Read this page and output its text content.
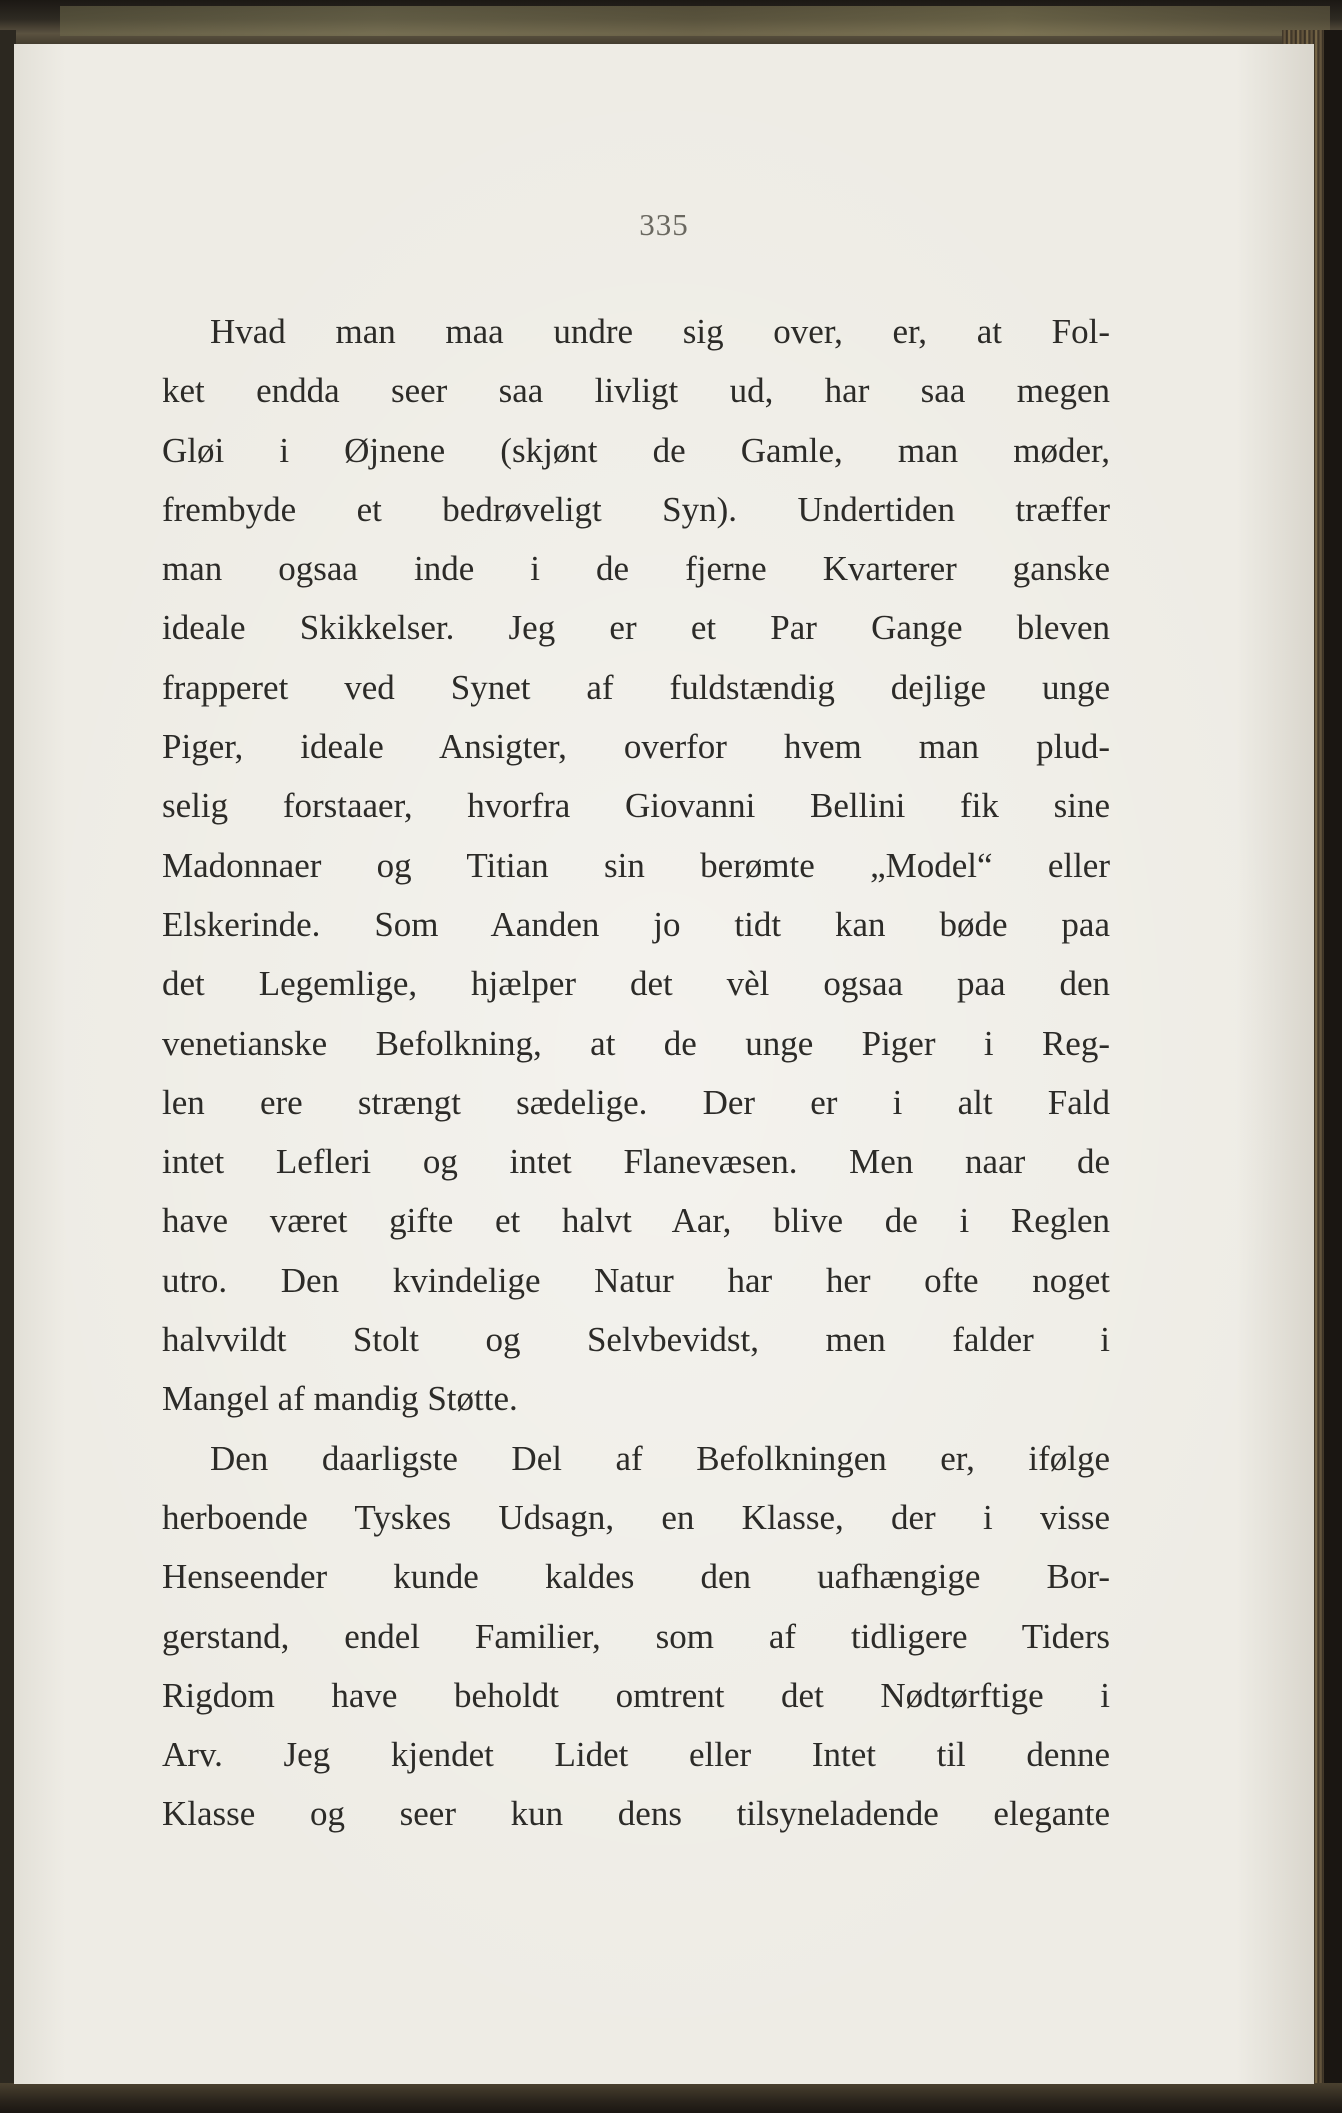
335
Hvad man maa undre sig over, er, at Fol-
ket endda seer saa livligt ud, har saa megen
Gløi i Øjnene (skjønt de Gamle, man møder,
frembyde et bedrøveligt Syn). Undertiden træffer
man ogsaa inde i de fjerne Kvarterer ganske
ideale Skikkelser. Jeg er et Par Gange bleven
frapperet ved Synet af fuldstændig dejlige unge
Piger, ideale Ansigter, overfor hvem man plud-
selig forstaaer, hvorfra Giovanni Bellini fik sine
Madonnaer og Titian sin berømte „Model“ eller
Elskerinde. Som Aanden jo tidt kan bøde paa
det Legemlige, hjælper det vèl ogsaa paa den
venetianske Befolkning, at de unge Piger i Reg-
len ere strængt sædelige. Der er i alt Fald
intet Lefleri og intet Flanevæsen. Men naar de
have været gifte et halvt Aar, blive de i Reglen
utro. Den kvindelige Natur har her ofte noget
halvvildt Stolt og Selvbevidst, men falder i
Mangel af mandig Støtte.
Den daarligste Del af Befolkningen er, ifølge
herboende Tyskes Udsagn, en Klasse, der i visse
Henseender kunde kaldes den uafhængige Bor-
gerstand, endel Familier, som af tidligere Tiders
Rigdom have beholdt omtrent det Nødtørftige i
Arv. Jeg kjendet Lidet eller Intet til denne
Klasse og seer kun dens tilsyneladende elegante
